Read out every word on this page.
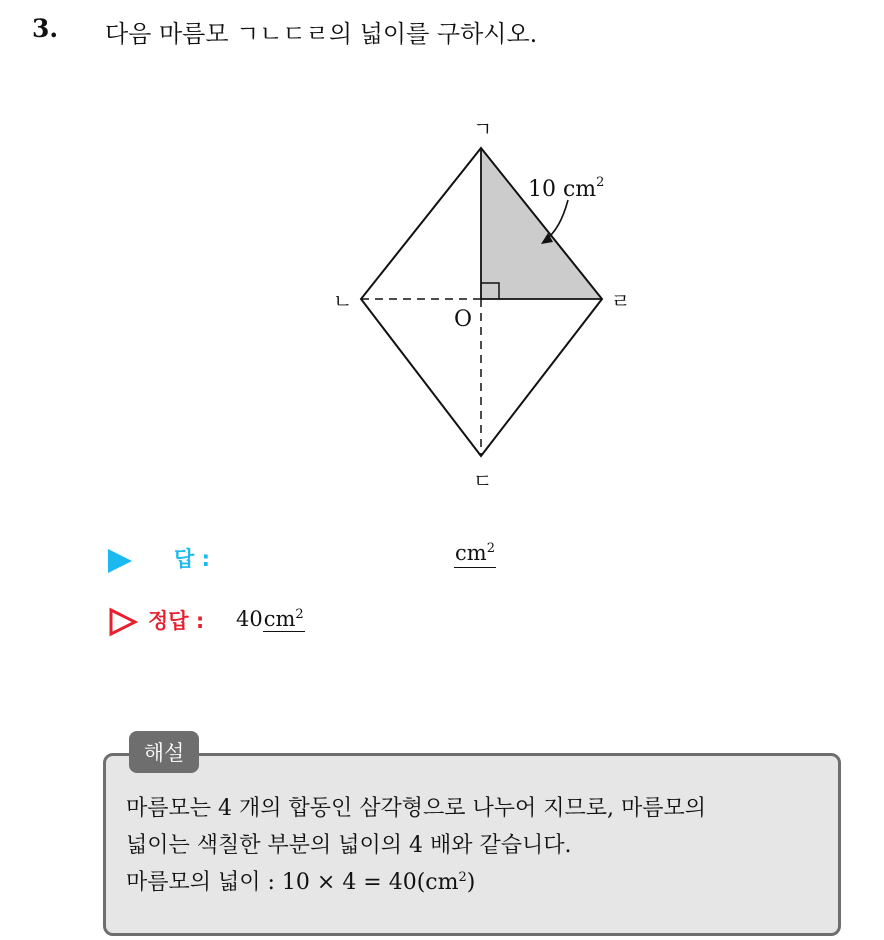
3. 다음 마름모 ㄱㄴㄷㄹ의 넓이를 구하시오.
ㄱ
ㄴ	ㄹ
ㄷ
O
10 $cm^2$
답 :	$cm^2$
정답 : $40cm^2$
해설
마름모는 4 개의 합동인 삼각형으로 나누어 지므로, 마름모의
넓이는 색칠한 부분의 넓이의 4 배와 같습니다.
마름모의 넓이 : $10 \times 4 = 40(cm^2)$
